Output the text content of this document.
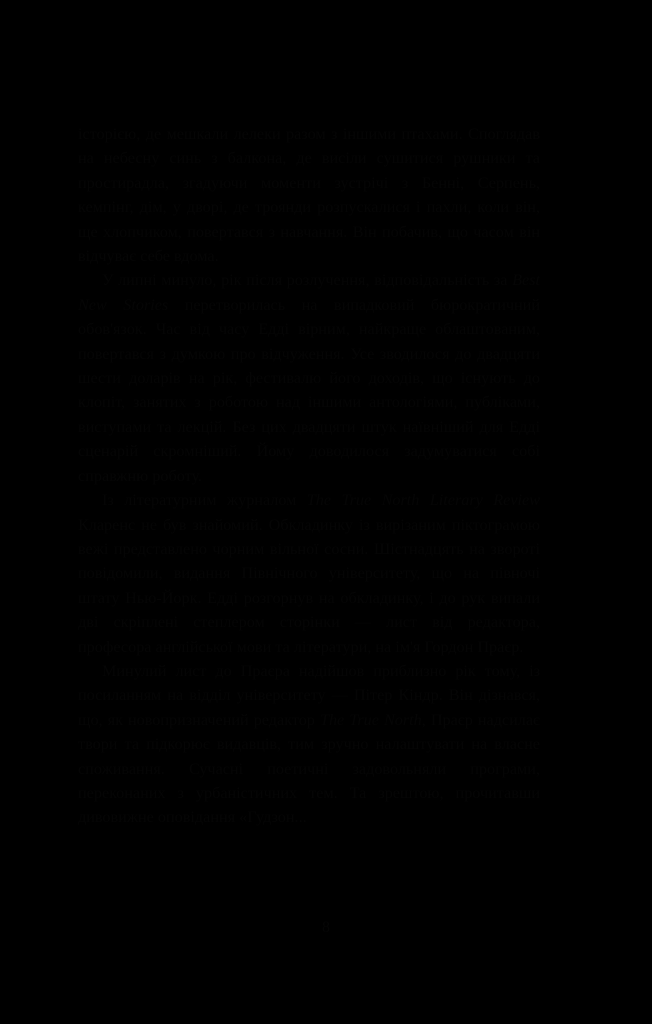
історією, де мешкали лелеки разом з іншими птахами. Споглядав на небесну синь з балкона, де висіли сушитися рушники та простирадла, згадуючи моменти зустрічі з Бенні, Серпень, кемпінг, дім, у дворі, де троянди розпускалися і пахли, коли він, ще хлопчиком, повертався з навчання. Він побачив, що часом він відчуває себе вдома.

У липні минуло, рік після розлучення, відповідальність за Best New Stories перетворилась на випадковий бюрократичний обов'язок. Час від часу Едді вірним, найкраще облаштованим, повертався з думкою про відчуження. Усе зводилося до двадцяти шести доларів на рік, фестивалю його доходів, що існують до клопіт, занятих з роботою над іншими антологіями, публіками, виступами та лекцій. Без цих двадцяти штук наївніший для Едді сценарій скромніший. Йому доводилося задумуватися собі справжню роботу.

Із літературним журналом The True North Literary Review Кларенс не був знайомий. Обкладинку із вирізаним піктограмою вежі представлено чорним вільної сосни. Шістнадцять на звороті повідомили, видання Північного університету, що на півночі штату Нью-Йорк. Едді розгорнув на обкладинку, і до рук випали дві скріплені степлером сторінки — лист від редактора, професора англійської мови та літератури, на ім'я Гордон Праєр.

Минулий лист до Праєра надійшов приблизно рік тому, із посиланням на відділ університету — Пітер Кіндр. Він дізнався, що, як новопризначений редактор The True North, Праєр надсилає твори та підкорює видавців, тим зручно налаштувати на власне споживання. Сучасні поетичні задовольняли програми, переконаних з урбаністичних тем. Та зрештою, прочитавши дивовижне оповідання «Гудзон...

8
